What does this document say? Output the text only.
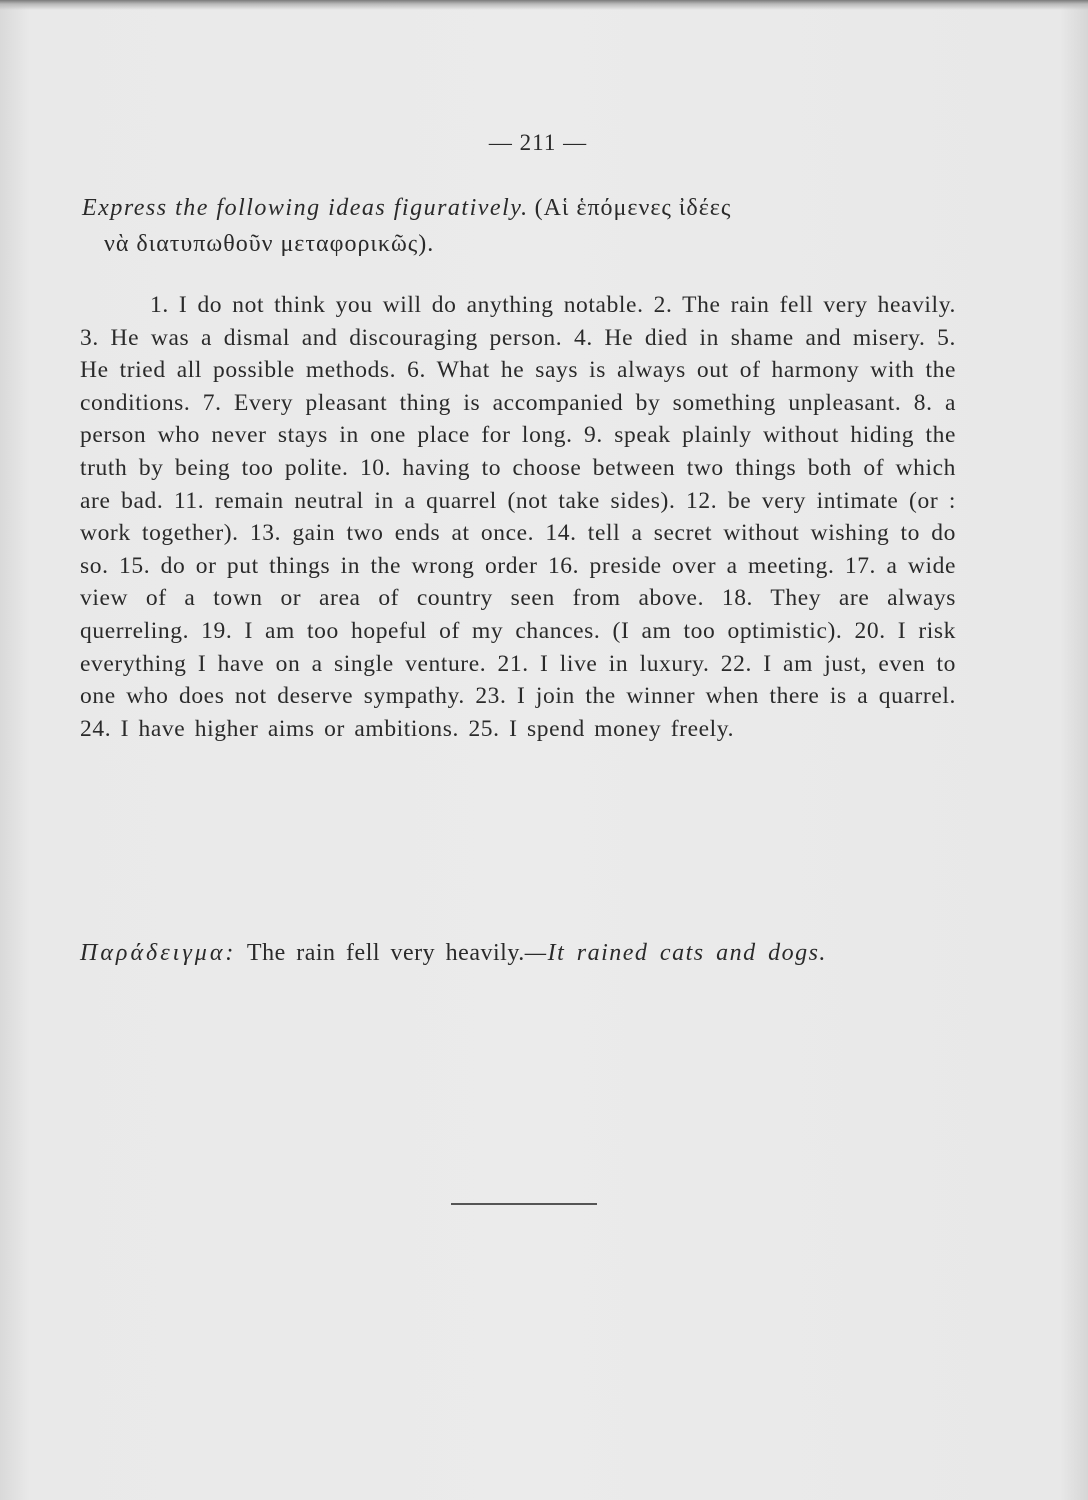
— 211 —
Express the following ideas figuratively. (Αἱ ἑπόμενες ἰδέες
νὰ διατυπωθοῦν μεταφορικῶς).

1. I do not think you will do anything notable. 2. The rain fell very heavily. 3. He was a dismal and discouraging person. 4. He died in shame and misery. 5. He tried all possible methods. 6. What he says is always out of harmony with the conditions. 7. Every pleasant thing is accompanied by something unpleasant. 8. a person who never stays in one place for long. 9. speak plainly without hiding the truth by being too polite. 10. having to choose between two things both of which are bad. 11. remain neutral in a quarrel (not take sides). 12. be very intimate (or : work together). 13. gain two ends at once. 14. tell a secret without wishing to do so. 15. do or put things in the wrong order 16. preside over a meeting. 17. a wide view of a town or area of country seen from above. 18. They are always querreling. 19. I am too hopeful of my chances. (I am too optimistic). 20. I risk everything I have on a single venture. 21. I live in luxury. 22. I am just, even to one who does not deserve sympathy. 23. I join the winner when there is a quarrel. 24. I have higher aims or ambitions. 25. I spend money freely.

Παράδειγμα: The rain fell very heavily.—It rained cats and dogs.
